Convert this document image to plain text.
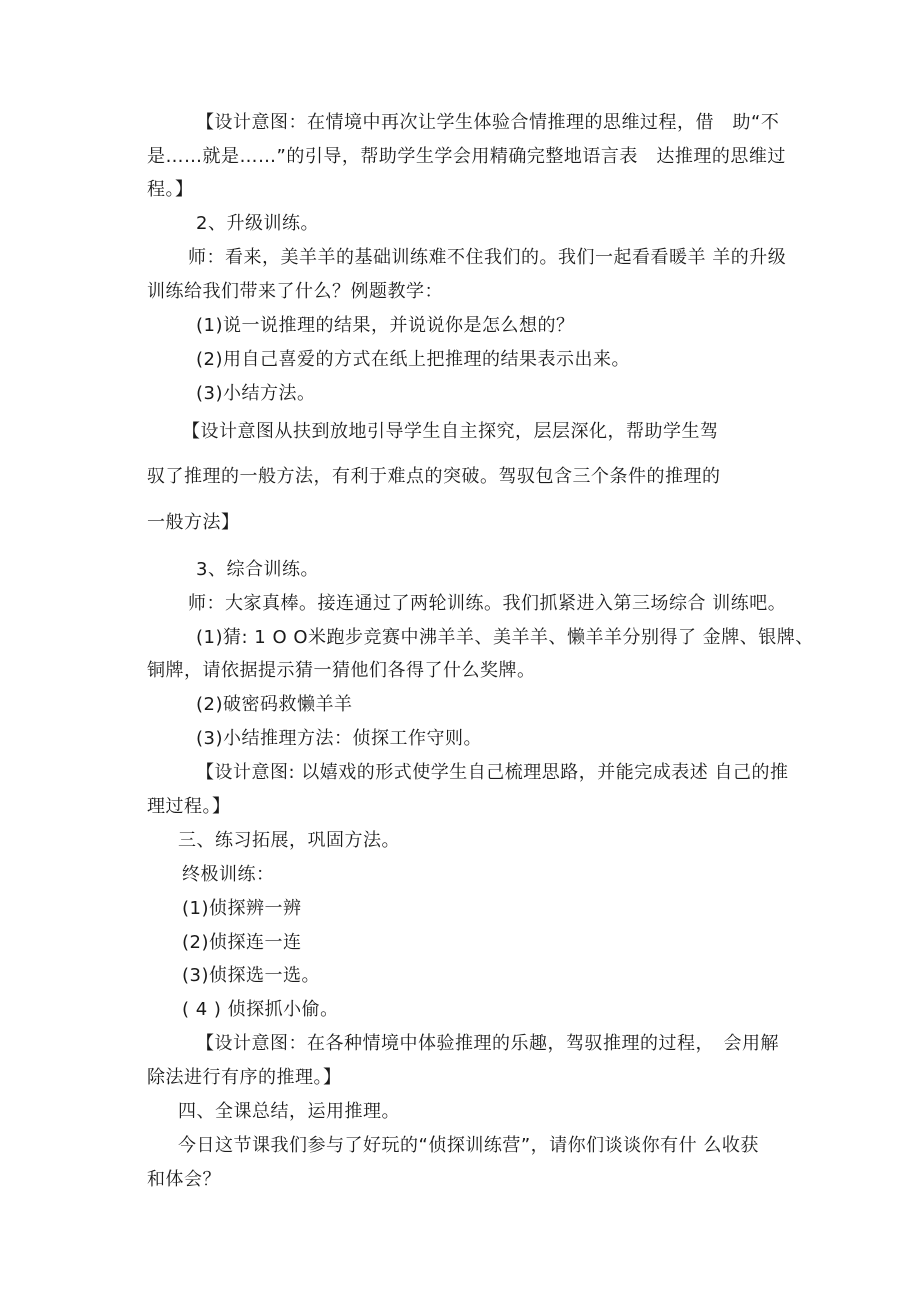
【设计意图：在情境中再次让学生体验合情推理的思维过程，借　助“不
是……就是……”的引导，帮助学生学会用精确完整地语言表　达推理的思维过
程。】
2、升级训练。
师：看来，美羊羊的基础训练难不住我们的。我们一起看看暖羊 羊的升级
训练给我们带来了什么？例题教学：
(1)说一说推理的结果，并说说你是怎么想的？
(2)用自己喜爱的方式在纸上把推理的结果表示出来。
(3)小结方法。
【设计意图从扶到放地引导学生自主探究，层层深化，帮助学生驾
驭了推理的一般方法，有利于难点的突破。驾驭包含三个条件的推理的
一般方法】
3、综合训练。
师：大家真棒。接连通过了两轮训练。我们抓紧进入第三场综合 训练吧。
(1)猜: 1 O O米跑步竞赛中沸羊羊、美羊羊、懒羊羊分别得了 金牌、银牌、
铜牌，请依据提示猜一猜他们各得了什么奖牌。
(2)破密码救懒羊羊
(3)小结推理方法：侦探工作守则。
【设计意图: 以嬉戏的形式使学生自己梳理思路，并能完成表述 自己的推
理过程。】
三、练习拓展，巩固方法。
终极训练：
(1)侦探辨一辨
(2)侦探连一连
(3)侦探选一选。
( 4 ) 侦探抓小偷。
【设计意图：在各种情境中体验推理的乐趣，驾驭推理的过程，　会用解
除法进行有序的推理。】
四、全课总结，运用推理。
今日这节课我们参与了好玩的“侦探训练营”，请你们谈谈你有什 么收获
和体会？
